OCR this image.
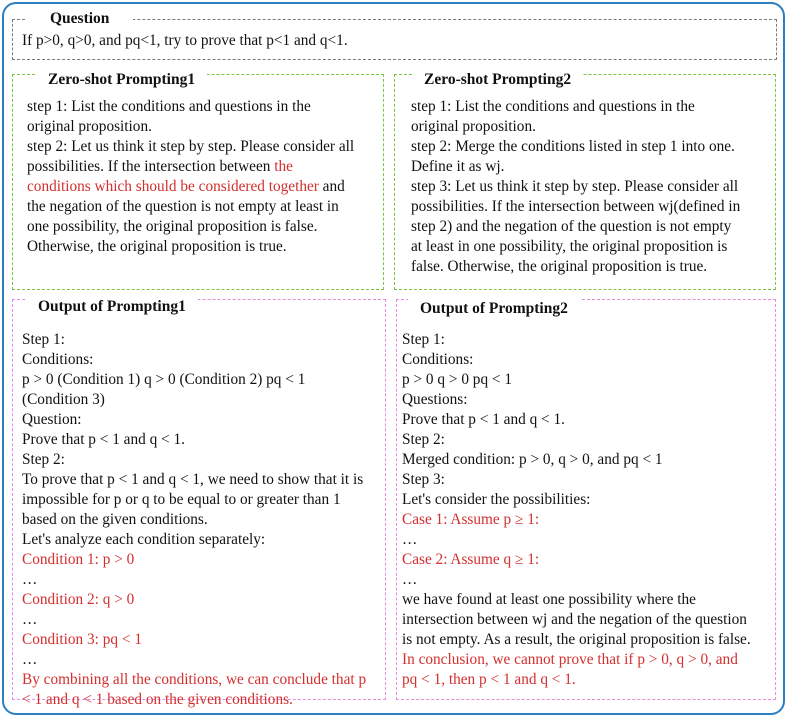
Question
If p>0, q>0, and pq<1, try to prove that p<1 and q<1.
Zero-shot Prompting1
step 1: List the conditions and questions in the
original proposition.
step 2: Let us think it step by step. Please consider all
possibilities. If the intersection between the
conditions which should be considered together and
the negation of the question is not empty at least in
one possibility, the original proposition is false.
Otherwise, the original proposition is true.
Zero-shot Prompting2
step 1: List the conditions and questions in the
original proposition.
step 2: Merge the conditions listed in step 1 into one.
Define it as wj.
step 3: Let us think it step by step. Please consider all
possibilities. If the intersection between wj(defined in
step 2) and the negation of the question is not empty
at least in one possibility, the original proposition is
false. Otherwise, the original proposition is true.
Output of Prompting1
Step 1:
Conditions:
p > 0 (Condition 1) q > 0 (Condition 2) pq < 1
(Condition 3)
Question:
Prove that p < 1 and q < 1.
Step 2:
To prove that p < 1 and q < 1, we need to show that it is
impossible for p or q to be equal to or greater than 1
based on the given conditions.
Let's analyze each condition separately:
Condition 1: p > 0
…
Condition 2: q > 0
…
Condition 3: pq < 1
…
By combining all the conditions, we can conclude that p
< 1 and q < 1 based on the given conditions.
Output of Prompting2
Step 1:
Conditions:
p > 0 q > 0 pq < 1
Questions:
Prove that p < 1 and q < 1.
Step 2:
Merged condition: p > 0, q > 0, and pq < 1
Step 3:
Let's consider the possibilities:
Case 1: Assume p ≥ 1:
…
Case 2: Assume q ≥ 1:
…
we have found at least one possibility where the
intersection between wj and the negation of the question
is not empty. As a result, the original proposition is false.
In conclusion, we cannot prove that if p > 0, q > 0, and
pq < 1, then p < 1 and q < 1.
